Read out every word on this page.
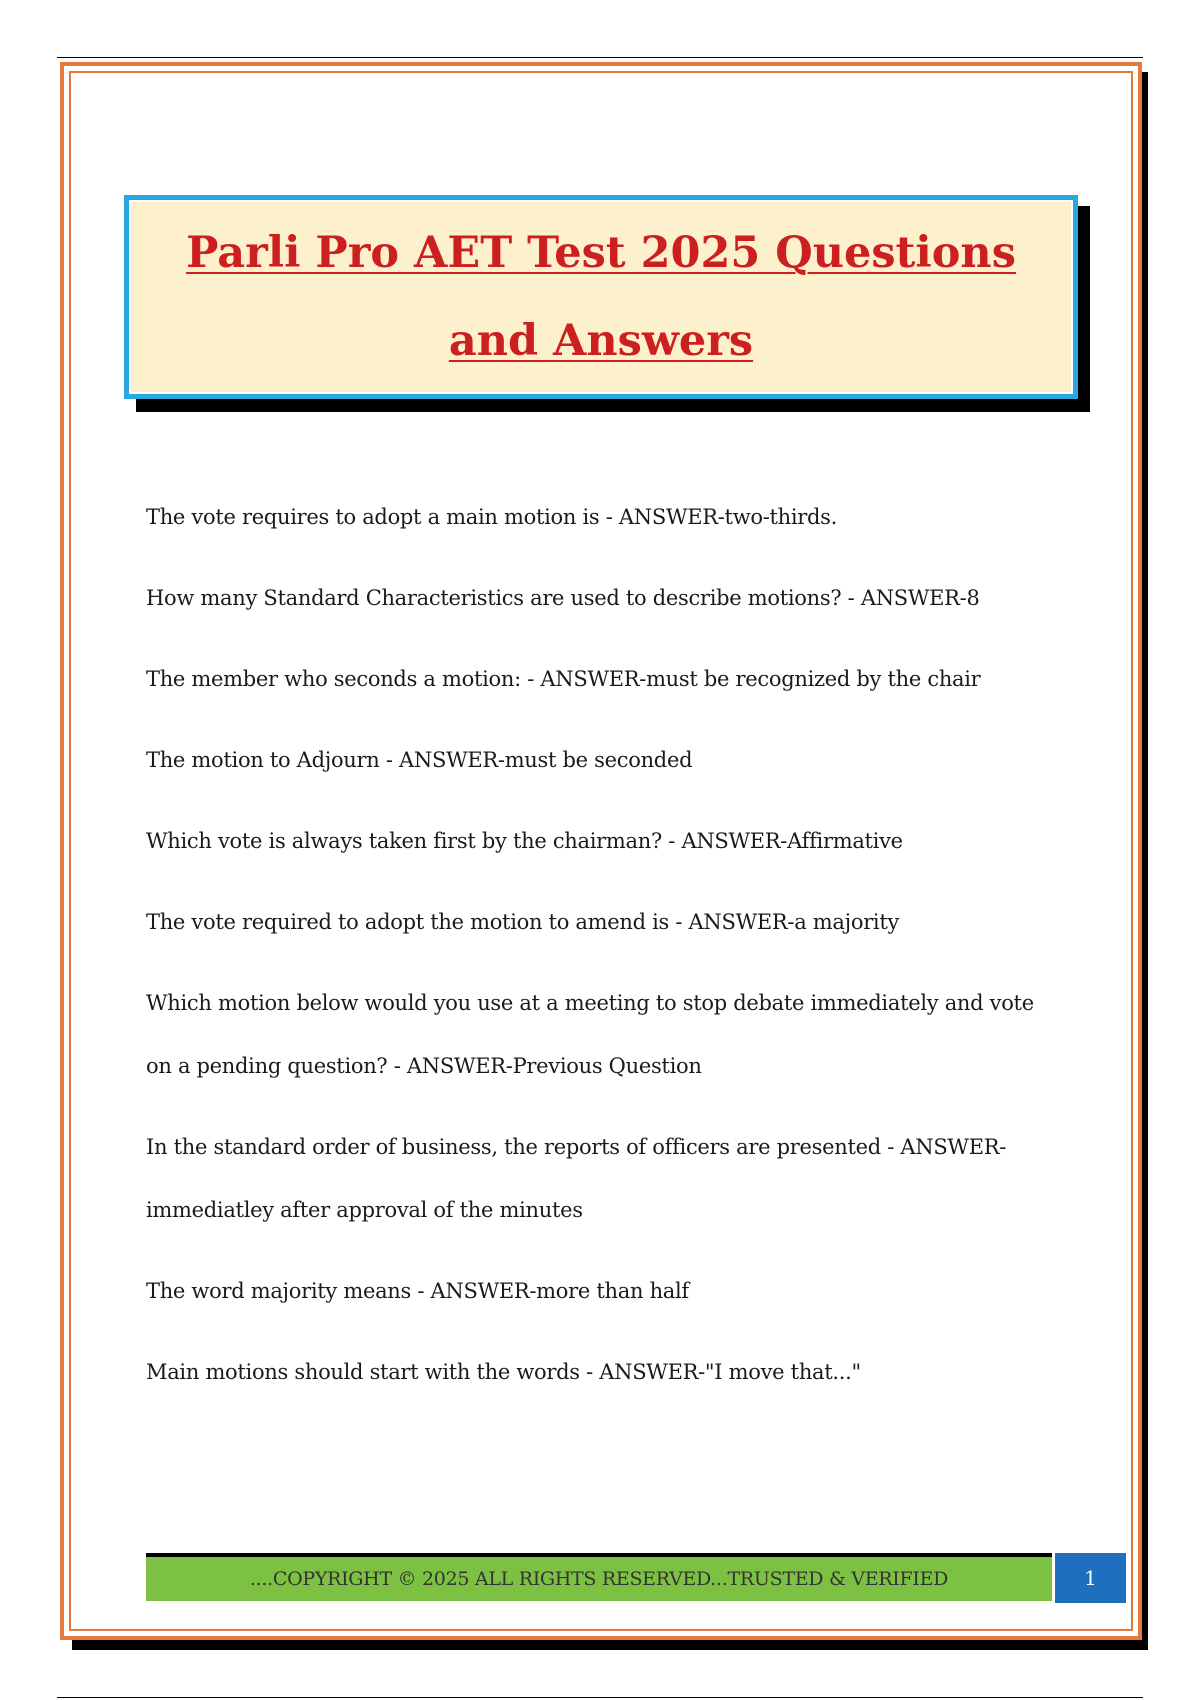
Parli Pro AET Test 2025 Questions and Answers
The vote requires to adopt a main motion is - ANSWER-two-thirds.
How many Standard Characteristics are used to describe motions? - ANSWER-8
The member who seconds a motion: - ANSWER-must be recognized by the chair
The motion to Adjourn - ANSWER-must be seconded
Which vote is always taken first by the chairman? - ANSWER-Affirmative
The vote required to adopt the motion to amend is - ANSWER-a majority
Which motion below would you use at a meeting to stop debate immediately and vote on a pending question? - ANSWER-Previous Question
In the standard order of business, the reports of officers are presented - ANSWER-immediatley after approval of the minutes
The word majority means - ANSWER-more than half
Main motions should start with the words - ANSWER-"I move that..."
....COPYRIGHT © 2025 ALL RIGHTS RESERVED...TRUSTED & VERIFIED	1
